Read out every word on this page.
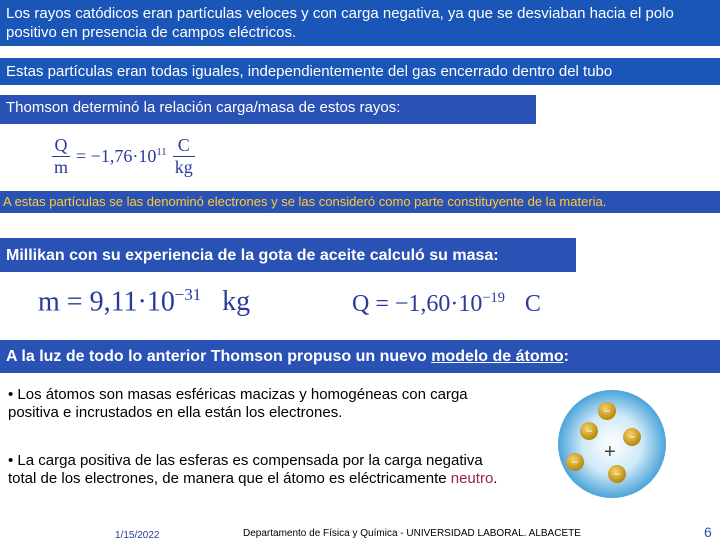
Los rayos catódicos eran partículas veloces y con carga negativa, ya que se desviaban hacia el polo positivo en presencia de campos eléctricos.
Estas partículas eran todas iguales, independientemente del gas encerrado dentro del tubo
Thomson determinó la relación carga/masa de estos rayos:
$\frac{Q}{m} = -1,76\cdot 10^{11} \frac{C}{kg}$
A estas partículas se las denominó electrones y se las consideró como parte constituyente de la materia.
Millikan con su experiencia de la gota de aceite calculó su masa:
$m = 9,11\cdot 10^{-31}$ kg	$Q = -1,60\cdot 10^{-19}$ C
A la luz de todo lo anterior Thomson propuso un nuevo modelo de átomo:
• Los átomos son masas esféricas macizas y homogéneas con carga positiva e incrustados en ella están los electrones.
• La carga positiva de las esferas es compensada por la carga negativa total de los electrones, de manera que el átomo es eléctricamente neutro.
+
−
−	−
−
−
1/15/2022	Departamento de Física y Química - UNIVERSIDAD LABORAL. ALBACETE	6
